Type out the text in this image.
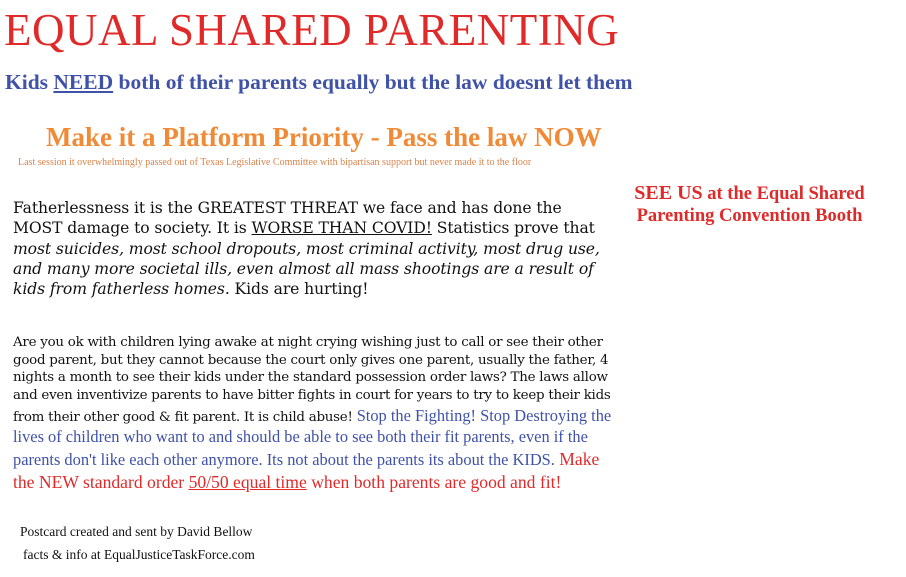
EQUAL SHARED PARENTING
Kids NEED both of their parents equally but the law doesnt let them
Make it a Platform Priority - Pass the law NOW
Last session it overwhelmingly passed out of Texas Legislative Committee with bipartisan support but never made it to the floor
SEE US at the Equal Shared Parenting Convention Booth
Fatherlessness it is the GREATEST THREAT we face and has done the MOST damage to society. It is WORSE THAN COVID! Statistics prove that most suicides, most school dropouts, most criminal activity, most drug use, and many more societal ills, even almost all mass shootings are a result of kids from fatherless homes. Kids are hurting!
Are you ok with children lying awake at night crying wishing just to call or see their other good parent, but they cannot because the court only gives one parent, usually the father, 4 nights a month to see their kids under the standard possession order laws? The laws allow and even inventivize parents to have bitter fights in court for years to try to keep their kids from their other good & fit parent. It is child abuse! Stop the Fighting! Stop Destroying the lives of children who want to and should be able to see both their fit parents, even if the parents don't like each other anymore. Its not about the parents its about the KIDS. Make the NEW standard order 50/50 equal time when both parents are good and fit!
Postcard created and sent by David Bellow
facts & info at EqualJusticeTaskForce.com
